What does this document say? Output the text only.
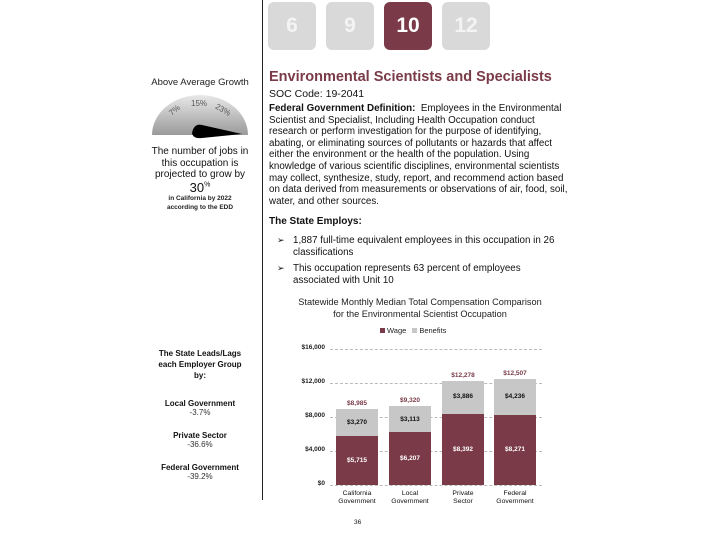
6	9	10	12
Above Average Growth
7% 15% 23%
The number of jobs in this occupation is projected to grow by
30%
in California by 2022
according to the EDD
The State Leads/Lags each Employer Group by:
Local Government
-3.7%
Private Sector
-36.6%
Federal Government
-39.2%
Environmental Scientists and Specialists
SOC Code: 19-2041
Federal Government Definition: Employees in the Environmental Scientist and Specialist, Including Health Occupation conduct research or perform investigation for the purpose of identifying, abating, or eliminating sources of pollutants or hazards that affect either the environment or the health of the population. Using knowledge of various scientific disciplines, environmental scientists may collect, synthesize, study, report, and recommend action based on data derived from measurements or observations of air, food, soil, water, and other sources.
The State Employs:
➢ 1,887 full-time equivalent employees in this occupation in 26 classifications
➢ This occupation represents 63 percent of employees associated with Unit 10
Statewide Monthly Median Total Compensation Comparison
for the Environmental Scientist Occupation
Wage	Benefits
$0
$4,000
$8,000
$12,000
$16,000
$5,715
$3,270
$8,985
$6,207
$3,113
$9,320
$8,392
$3,886
$12,278
$8,271
$4,236
$12,507
California
Government
Local
Government
Private
Sector
Federal
Government
36
